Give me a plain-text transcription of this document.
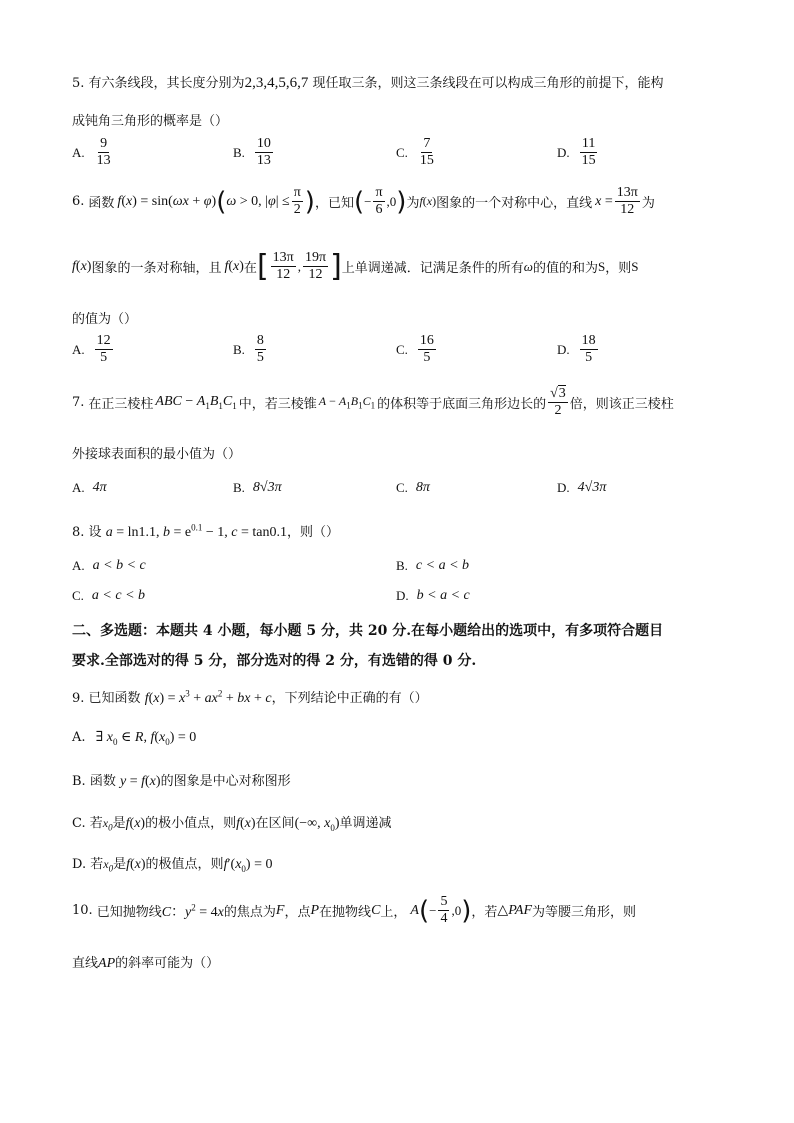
5. 有六条线段，其长度分别为2,3,4,5,6,7 现任取三条，则这三条线段在可以构成三角形的前提下，能构
成钝角三角形的概率是（）
A. $\frac{9}{13}$	B. $\frac{10}{13}$	C. $\frac{7}{15}$	D. $\frac{11}{15}$
6. 函数 f(x) = sin(ωx + φ) ( ω > 0, $|\varphi| \le \frac{\pi}{2}$ ) ，已知 ( − $\frac{\pi}{6} ,0$ ) 为 f(x) 图象的一个对称中心，直线 $x = \frac{13\pi}{12}$ 为
f(x) 图象的一条对称轴，且 f(x) 在 [ $\frac{13\pi}{12}$ , $\frac{19\pi}{12}$ ] 上单调递减．记满足条件的所有 ω 的值的和为 S ，则 S
的值为（）
A. $\frac{12}{5}$	B. $\frac{8}{5}$	C. $\frac{16}{5}$	D. $\frac{18}{5}$
7. 在正三棱柱 ABC − $A_1B_1C_1$ 中，若三棱锥 $A - A_1B_1C_1$ 的体积等于底面三角形边长的 $\frac{√3}{2}$ 倍，则该正三棱柱
外接球表面积的最小值为（）
A. 4π	B. 8√3π	C. 8π	D. 4√3π
8. 设 a = ln1.1, $b = e^{0.1} - 1$, c = tan0.1，则（）
A. a < b < c	B. c < a < b
C. a < c < b	D. b < a < c
二、多选题：本题共 4 小题，每小题 5 分，共 20 分.在每小题给出的选项中，有多项符合题目
要求.全部选对的得 5 分，部分选对的得 2 分，有选错的得 0 分.
9. 已知函数 $f(x) = x^3 + ax^2$ + bx + c，下列结论中正确的有（）
A. ∃ $x_0$ ∈ R, $f(x_0) = 0$
B. 函数 y = f(x)的图象是中心对称图形
C. 若$x_0$是f(x)的极小值点，则f(x)在区间(−∞, $x_0$)单调递减
D. 若$x_0$是f(x)的极值点，则$f'(x_0) = 0$
10. 已知抛物线 C：$y^2 = 4x$ 的焦点为 F ，点 P 在抛物线 C 上， A ( − $\frac{5}{4} ,0$ ) ，若 △PAF 为等腰三角形，则
直线AP的斜率可能为（）
